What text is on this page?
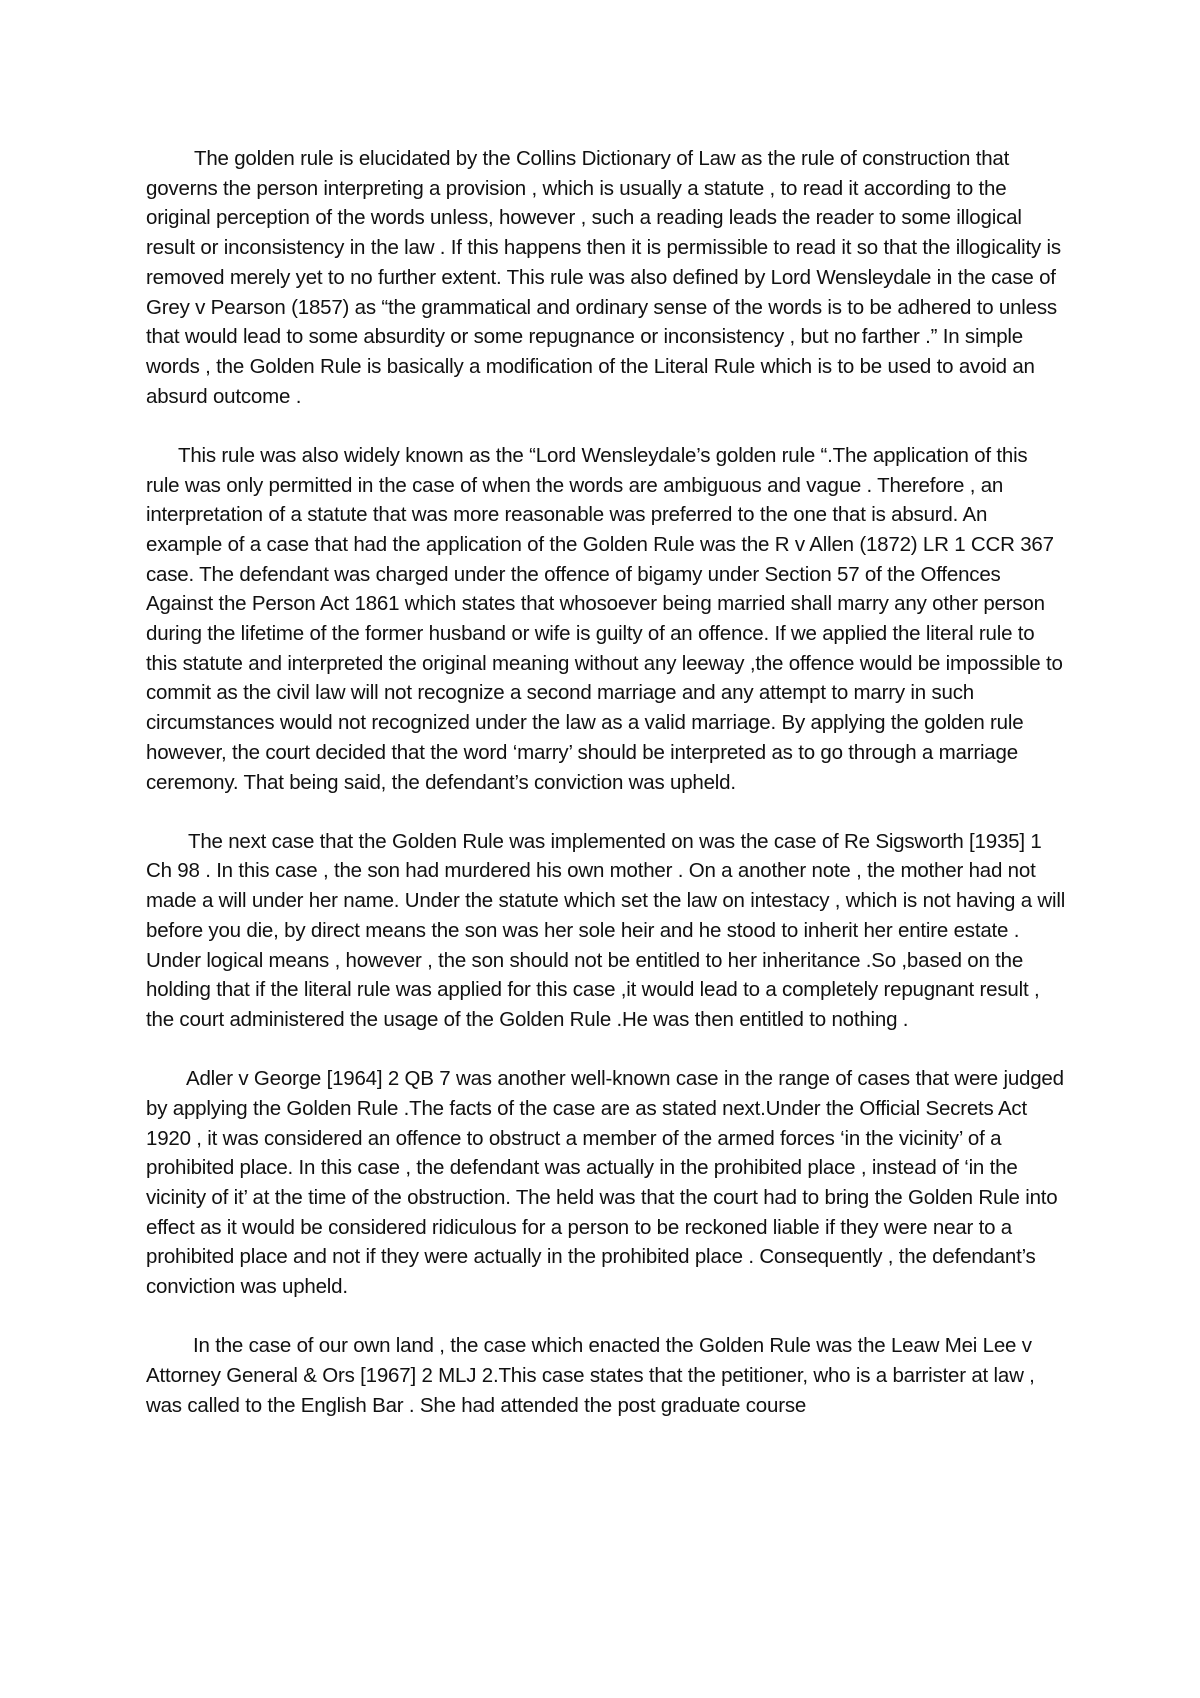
The golden rule is elucidated by the Collins Dictionary of Law as the rule of construction that governs the person interpreting a provision , which is usually a statute , to read it according to the original perception of the words unless, however , such a reading leads the reader to some illogical result or inconsistency in the law . If this happens then it is permissible to read it so that the illogicality is removed merely yet to no further extent. This rule was also defined by Lord Wensleydale in the case of Grey v Pearson (1857) as “the grammatical and ordinary sense of the words is to be adhered to unless that would lead to some absurdity or some repugnance or inconsistency , but no farther .” In simple words , the Golden Rule is basically a modification of the Literal Rule which is to be used to avoid an absurd outcome .

This rule was also widely known as the “Lord Wensleydale’s golden rule “.The application of this rule was only permitted in the case of when the words are ambiguous and vague . Therefore , an interpretation of a statute that was more reasonable was preferred to the one that is absurd. An example of a case that had the application of the Golden Rule was the R v Allen (1872) LR 1 CCR 367 case. The defendant was charged under the offence of bigamy under Section 57 of the Offences Against the Person Act 1861 which states that whosoever being married shall marry any other person during the lifetime of the former husband or wife is guilty of an offence. If we applied the literal rule to this statute and interpreted the original meaning without any leeway ,the offence would be impossible to commit as the civil law will not recognize a second marriage and any attempt to marry in such circumstances would not recognized under the law as a valid marriage. By applying the golden rule however, the court decided that the word ‘marry’ should be interpreted as to go through a marriage ceremony. That being said, the defendant’s conviction was upheld.

The next case that the Golden Rule was implemented on was the case of Re Sigsworth [1935] 1 Ch 98 . In this case , the son had murdered his own mother . On a another note , the mother had not made a will under her name. Under the statute which set the law on intestacy , which is not having a will before you die, by direct means the son was her sole heir and he stood to inherit her entire estate . Under logical means , however , the son should not be entitled to her inheritance .So ,based on the holding that if the literal rule was applied for this case ,it would lead to a completely repugnant result , the court administered the usage of the Golden Rule .He was then entitled to nothing .

Adler v George [1964] 2 QB 7 was another well-known case in the range of cases that were judged by applying the Golden Rule .The facts of the case are as stated next.Under the Official Secrets Act 1920 , it was considered an offence to obstruct a member of the armed forces ‘in the vicinity’ of a prohibited place. In this case , the defendant was actually in the prohibited place , instead of ‘in the vicinity of it’ at the time of the obstruction. The held was that the court had to bring the Golden Rule into effect as it would be considered ridiculous for a person to be reckoned liable if they were near to a prohibited place and not if they were actually in the prohibited place . Consequently , the defendant’s conviction was upheld.

In the case of our own land , the case which enacted the Golden Rule was the Leaw Mei Lee v Attorney General & Ors [1967] 2 MLJ 2.This case states that the petitioner, who is a barrister at law , was called to the English Bar . She had attended the post graduate course
